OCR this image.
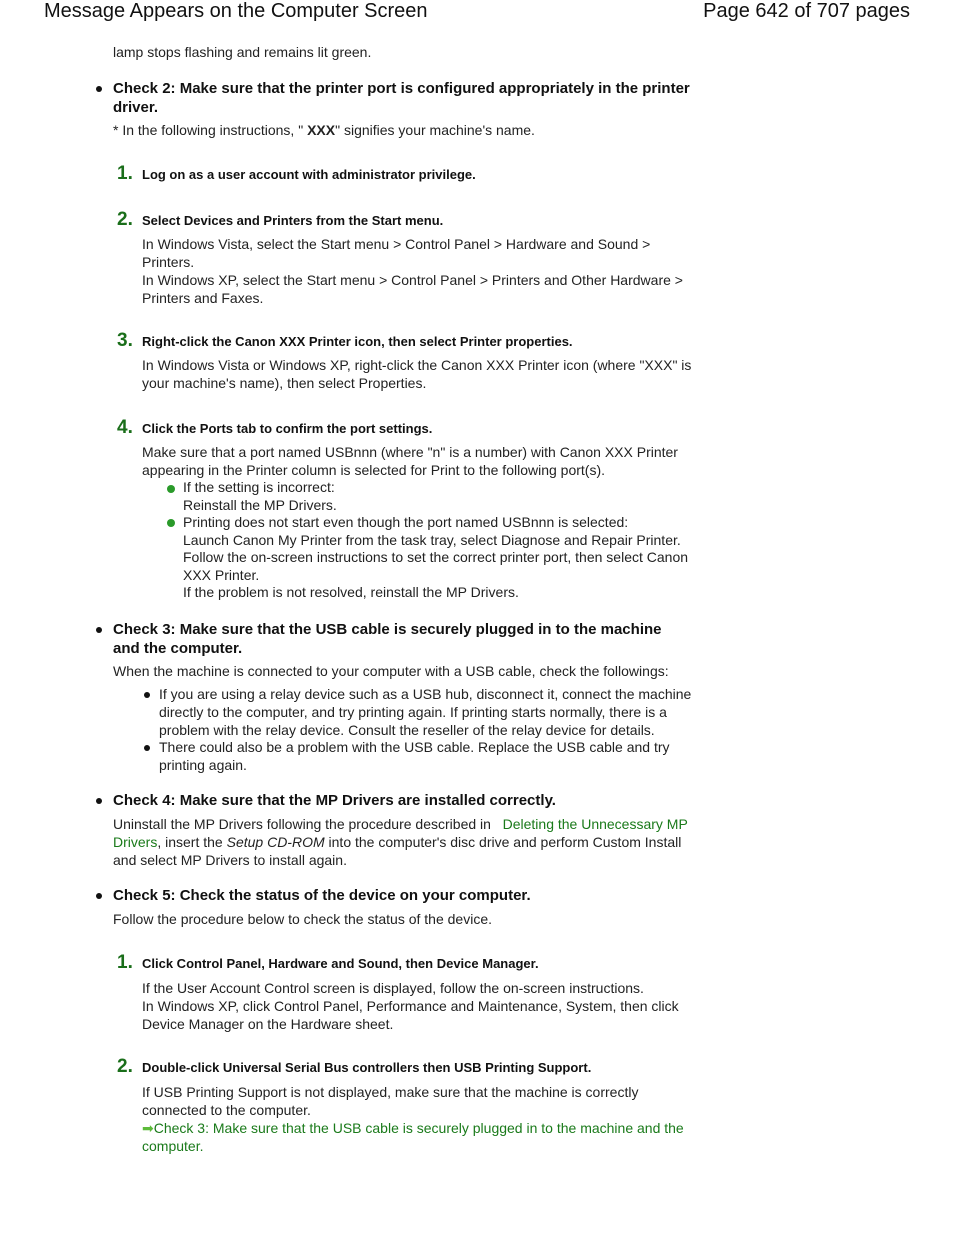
Message Appears on the Computer Screen	Page 642 of 707 pages
lamp stops flashing and remains lit green.
Check 2: Make sure that the printer port is configured appropriately in the printer
driver.
* In the following instructions, " XXX" signifies your machine's name.
1. Log on as a user account with administrator privilege.
2. Select Devices and Printers from the Start menu.
In Windows Vista, select the Start menu > Control Panel > Hardware and Sound >
Printers.
In Windows XP, select the Start menu > Control Panel > Printers and Other Hardware >
Printers and Faxes.
3. Right-click the Canon XXX Printer icon, then select Printer properties.
In Windows Vista or Windows XP, right-click the Canon XXX Printer icon (where "XXX" is
your machine's name), then select Properties.
4. Click the Ports tab to confirm the port settings.
Make sure that a port named USBnnn (where "n" is a number) with Canon XXX Printer
appearing in the Printer column is selected for Print to the following port(s).
If the setting is incorrect:
Reinstall the MP Drivers.
Printing does not start even though the port named USBnnn is selected:
Launch Canon My Printer from the task tray, select Diagnose and Repair Printer.
Follow the on-screen instructions to set the correct printer port, then select Canon
XXX Printer.
If the problem is not resolved, reinstall the MP Drivers.
Check 3: Make sure that the USB cable is securely plugged in to the machine
and the computer.
When the machine is connected to your computer with a USB cable, check the followings:
If you are using a relay device such as a USB hub, disconnect it, connect the machine
directly to the computer, and try printing again. If printing starts normally, there is a
problem with the relay device. Consult the reseller of the relay device for details.
There could also be a problem with the USB cable. Replace the USB cable and try
printing again.
Check 4: Make sure that the MP Drivers are installed correctly.
Uninstall the MP Drivers following the procedure described in Deleting the Unnecessary MP
Drivers, insert the Setup CD-ROM into the computer's disc drive and perform Custom Install
and select MP Drivers to install again.
Check 5: Check the status of the device on your computer.
Follow the procedure below to check the status of the device.
1. Click Control Panel, Hardware and Sound, then Device Manager.
If the User Account Control screen is displayed, follow the on-screen instructions.
In Windows XP, click Control Panel, Performance and Maintenance, System, then click
Device Manager on the Hardware sheet.
2. Double-click Universal Serial Bus controllers then USB Printing Support.
If USB Printing Support is not displayed, make sure that the machine is correctly
connected to the computer.
➡Check 3: Make sure that the USB cable is securely plugged in to the machine and the
computer.
